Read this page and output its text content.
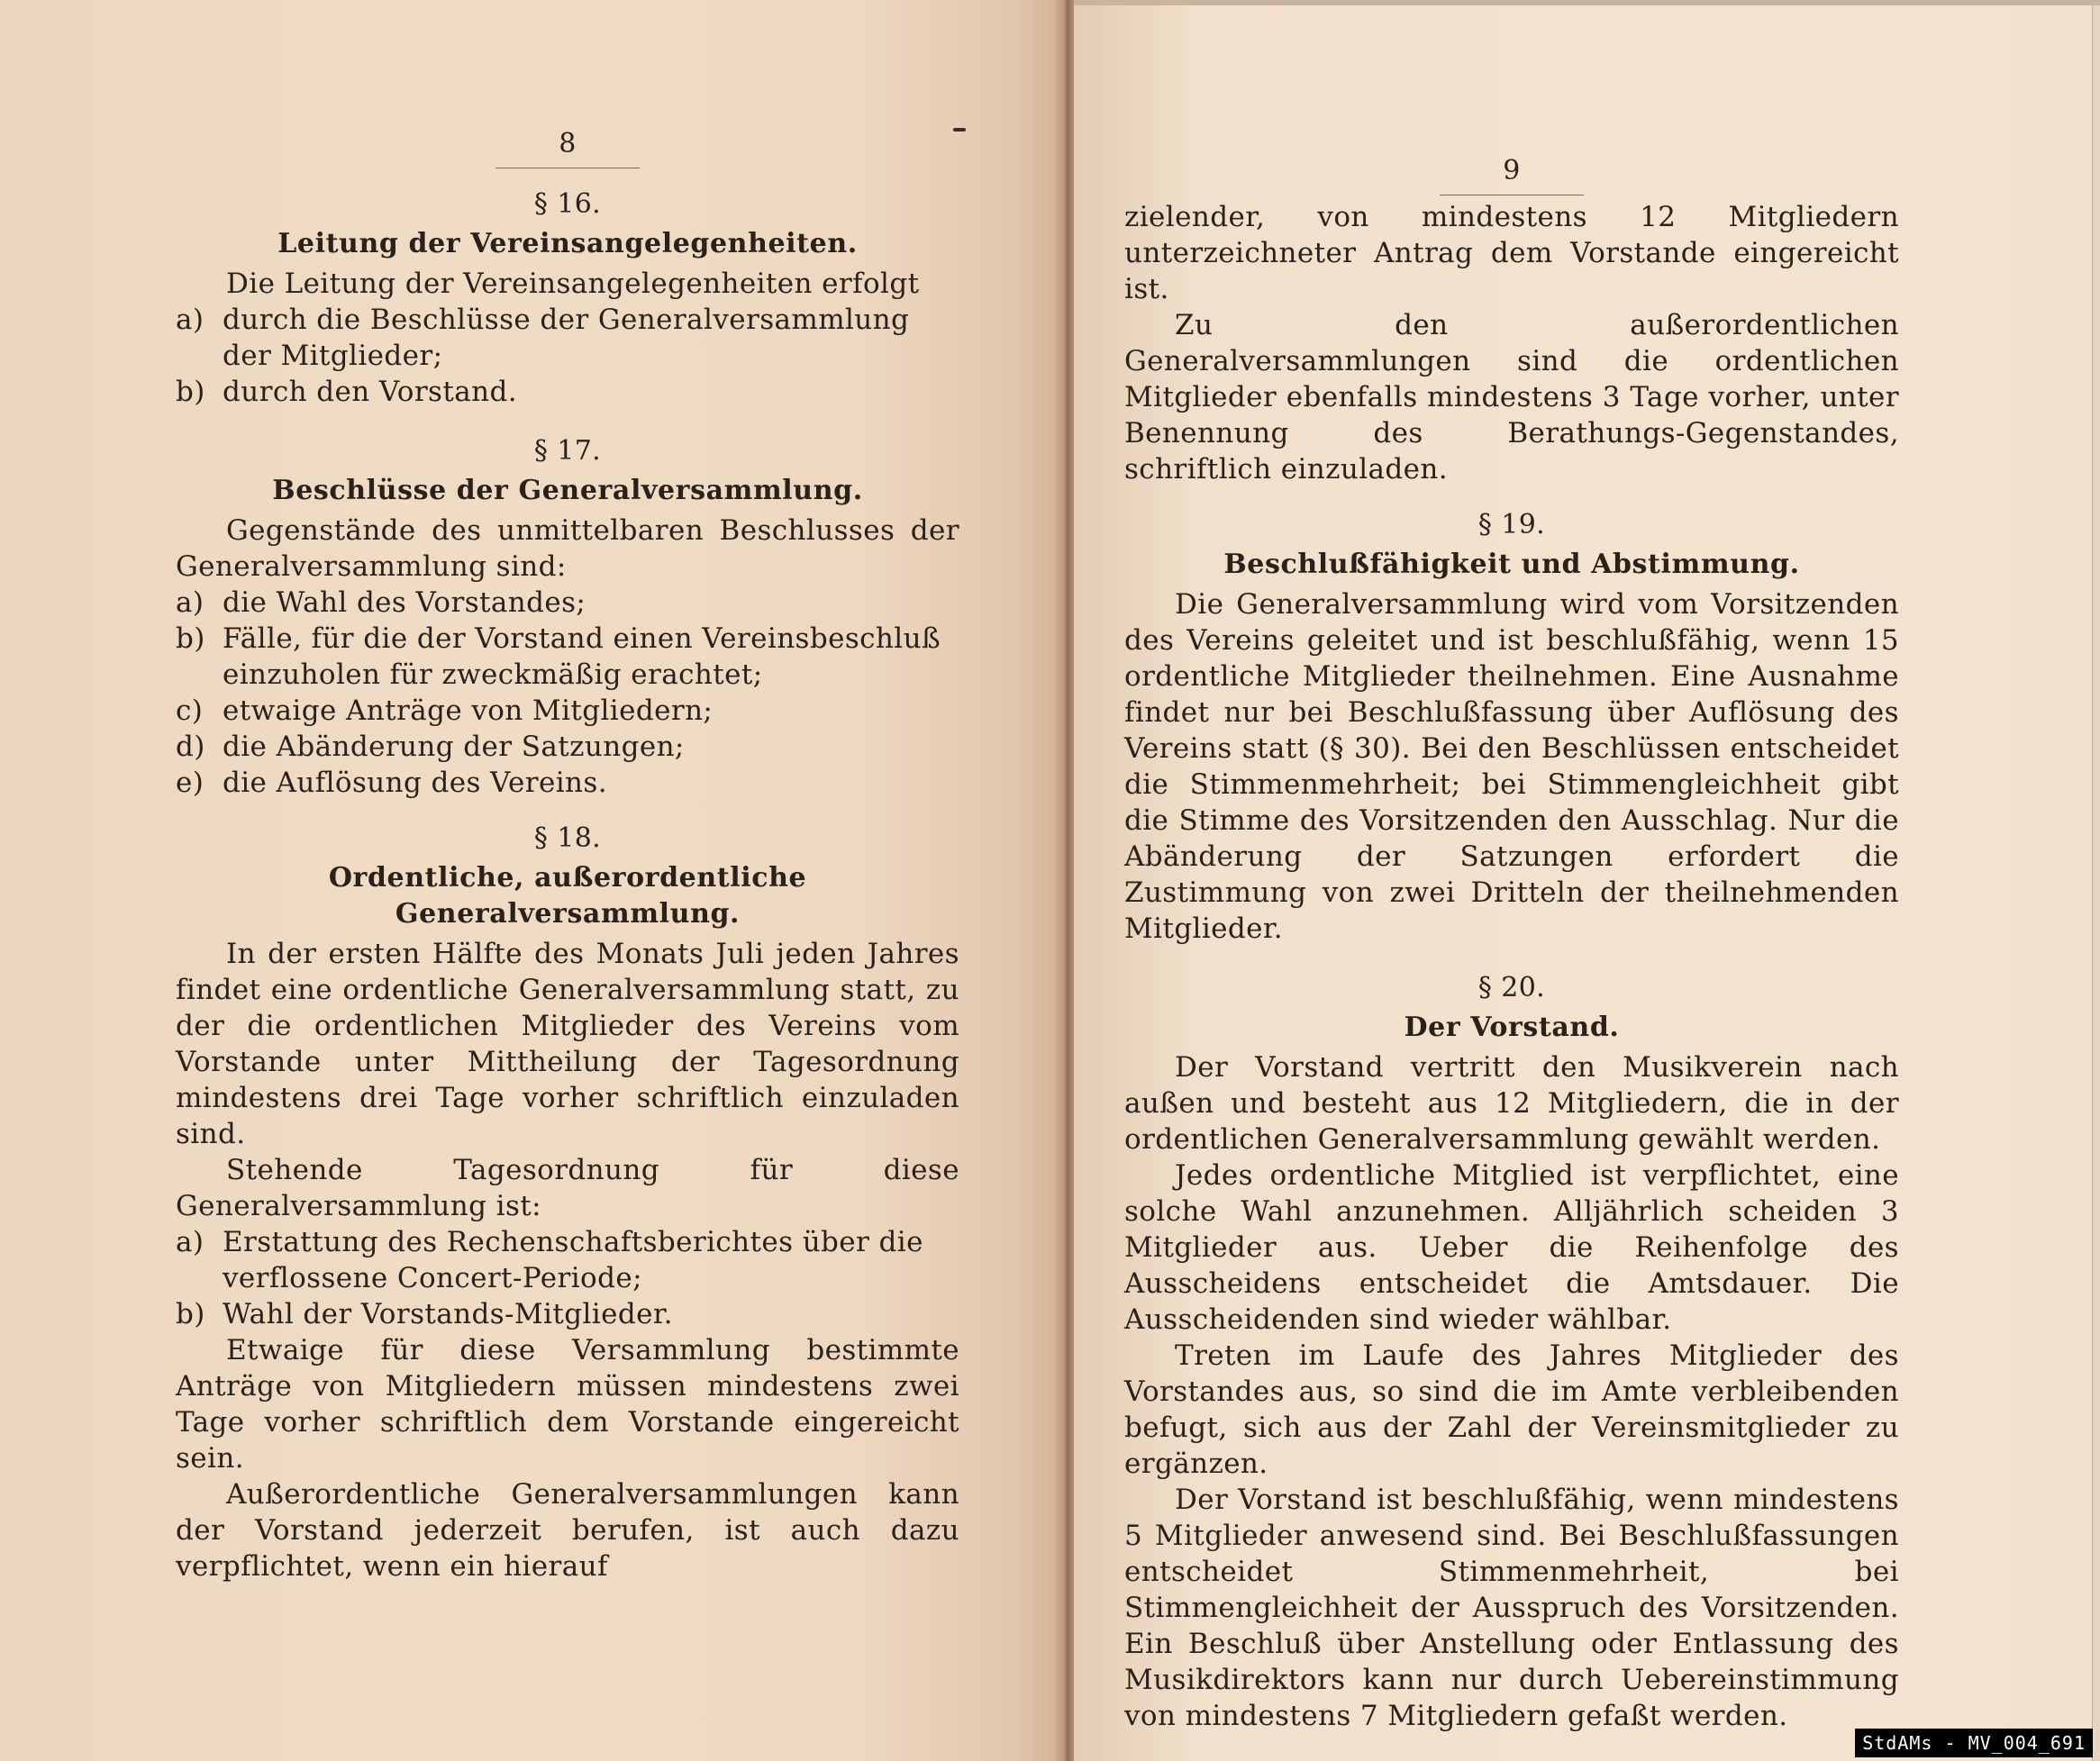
8

§ 16.
Leitung der Vereinsangelegenheiten.

Die Leitung der Vereinsangelegenheiten erfolgt

a) durch die Beschlüsse der Generalversammlung der Mitglieder;
b) durch den Vorstand.
§ 17.
Beschlüsse der Generalversammlung.

Gegenstände des unmittelbaren Beschlusses der Generalversammlung sind:

a) die Wahl des Vorstandes;
b) Fälle, für die der Vorstand einen Vereinsbeschluß einzuholen für zweckmäßig erachtet;
c) etwaige Anträge von Mitgliedern;
d) die Abänderung der Satzungen;
e) die Auflösung des Vereins.
§ 18.
Ordentliche, außerordentliche Generalversammlung.

In der ersten Hälfte des Monats Juli jeden Jahres findet eine ordentliche Generalversammlung statt, zu der die ordentlichen Mitglieder des Vereins vom Vorstande unter Mittheilung der Tagesordnung mindestens drei Tage vorher schriftlich einzuladen sind.

Stehende Tagesordnung für diese Generalversammlung ist:

a) Erstattung des Rechenschaftsberichtes über die verflossene Concert-Periode;
b) Wahl der Vorstands-Mitglieder.

Etwaige für diese Versammlung bestimmte Anträge von Mitgliedern müssen mindestens zwei Tage vorher schriftlich dem Vorstande eingereicht sein.

Außerordentliche Generalversammlungen kann der Vorstand jederzeit berufen, ist auch dazu verpflichtet, wenn ein hierauf

9

zielender, von mindestens 12 Mitgliedern unterzeichneter Antrag dem Vorstande eingereicht ist.

Zu den außerordentlichen Generalversammlungen sind die ordentlichen Mitglieder ebenfalls mindestens 3 Tage vorher, unter Benennung des Berathungs-Gegenstandes, schriftlich einzuladen.

§ 19.
Beschlußfähigkeit und Abstimmung.

Die Generalversammlung wird vom Vorsitzenden des Vereins geleitet und ist beschlußfähig, wenn 15 ordentliche Mitglieder theilnehmen. Eine Ausnahme findet nur bei Beschlußfassung über Auflösung des Vereins statt (§ 30). Bei den Beschlüssen entscheidet die Stimmenmehrheit; bei Stimmengleichheit gibt die Stimme des Vorsitzenden den Ausschlag. Nur die Abänderung der Satzungen erfordert die Zustimmung von zwei Dritteln der theilnehmenden Mitglieder.

§ 20.
Der Vorstand.

Der Vorstand vertritt den Musikverein nach außen und besteht aus 12 Mitgliedern, die in der ordentlichen Generalversammlung gewählt werden.

Jedes ordentliche Mitglied ist verpflichtet, eine solche Wahl anzunehmen. Alljährlich scheiden 3 Mitglieder aus. Ueber die Reihenfolge des Ausscheidens entscheidet die Amtsdauer. Die Ausscheidenden sind wieder wählbar.

Treten im Laufe des Jahres Mitglieder des Vorstandes aus, so sind die im Amte verbleibenden befugt, sich aus der Zahl der Vereinsmitglieder zu ergänzen.

Der Vorstand ist beschlußfähig, wenn mindestens 5 Mitglieder anwesend sind. Bei Beschlußfassungen entscheidet Stimmenmehrheit, bei Stimmengleichheit der Ausspruch des Vorsitzenden. Ein Beschluß über Anstellung oder Entlassung des Musikdirektors kann nur durch Uebereinstimmung von mindestens 7 Mitgliedern gefaßt werden.

StdAMs - MV_004_691
